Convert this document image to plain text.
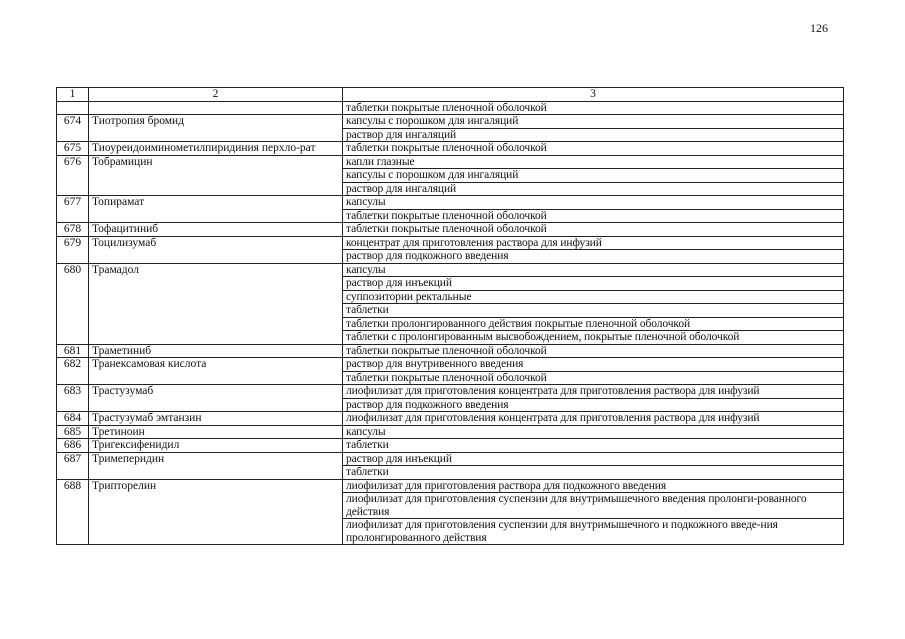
126
1	2	3
		таблетки покрытые пленочной оболочкой
674	Тиотропия бромид	капсулы с порошком для ингаляций
		раствор для ингаляций
675	Тиоуреидоиминометилпиридиния перхло-рат	таблетки покрытые пленочной оболочкой
676	Тобрамицин	капли глазные
		капсулы с порошком для ингаляций
		раствор для ингаляций
677	Топирамат	капсулы
		таблетки покрытые пленочной оболочкой
678	Тофацитиниб	таблетки покрытые пленочной оболочкой
679	Тоцилизумаб	концентрат для приготовления раствора для инфузий
		раствор для подкожного введения
680	Трамадол	капсулы
		раствор для инъекций
		суппозитории ректальные
		таблетки
		таблетки пролонгированного действия покрытые пленочной оболочкой
		таблетки с пролонгированным высвобождением, покрытые пленочной оболочкой
681	Траметиниб	таблетки покрытые пленочной оболочкой
682	Транексамовая кислота	раствор для внутривенного введения
		таблетки покрытые пленочной оболочкой
683	Трастузумаб	лиофилизат для приготовления концентрата для приготовления раствора для инфузий
		раствор для подкожного введения
684	Трастузумаб эмтанзин	лиофилизат для приготовления концентрата для приготовления раствора для инфузий
685	Третиноин	капсулы
686	Тригексифенидил	таблетки
687	Тримеперидин	раствор для инъекций
		таблетки
688	Трипторелин	лиофилизат для приготовления раствора для подкожного введения
		лиофилизат для приготовления суспензии для внутримышечного введения пролонги-рованного действия
		лиофилизат для приготовления суспензии для внутримышечного и подкожного введе-ния пролонгированного действия
